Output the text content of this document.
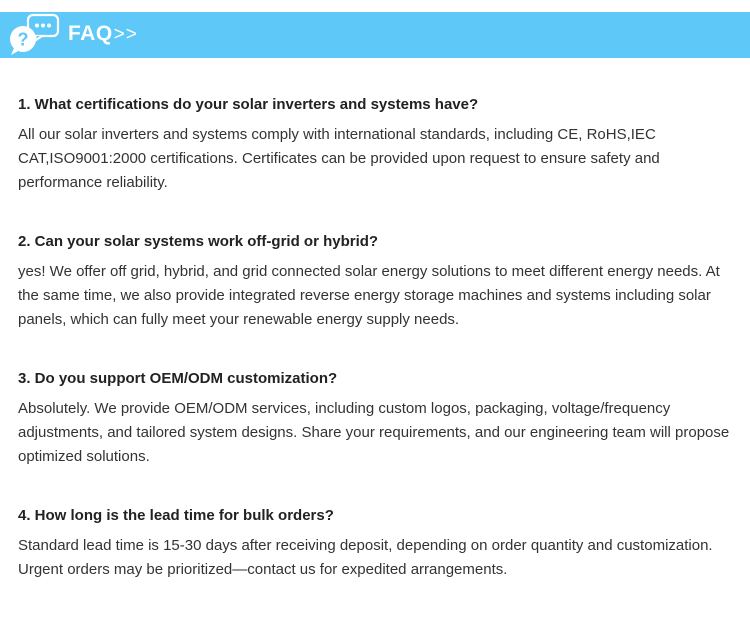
? FAQ>>

1. What certifications do your solar inverters and systems have?

All our solar inverters and systems comply with international standards, including CE, RoHS,IEC CAT,ISO9001:2000 certifications. Certificates can be provided upon request to ensure safety and performance reliability.

2. Can your solar systems work off-grid or hybrid?

yes! We offer off grid, hybrid, and grid connected solar energy solutions to meet different energy needs. At the same time, we also provide integrated reverse energy storage machines and systems including solar panels, which can fully meet your renewable energy supply needs.

3. Do you support OEM/ODM customization?

Absolutely. We provide OEM/ODM services, including custom logos, packaging, voltage/frequency adjustments, and tailored system designs. Share your requirements, and our engineering team will propose optimized solutions.

4. How long is the lead time for bulk orders?

Standard lead time is 15-30 days after receiving deposit, depending on order quantity and customization. Urgent orders may be prioritized—contact us for expedited arrangements.
